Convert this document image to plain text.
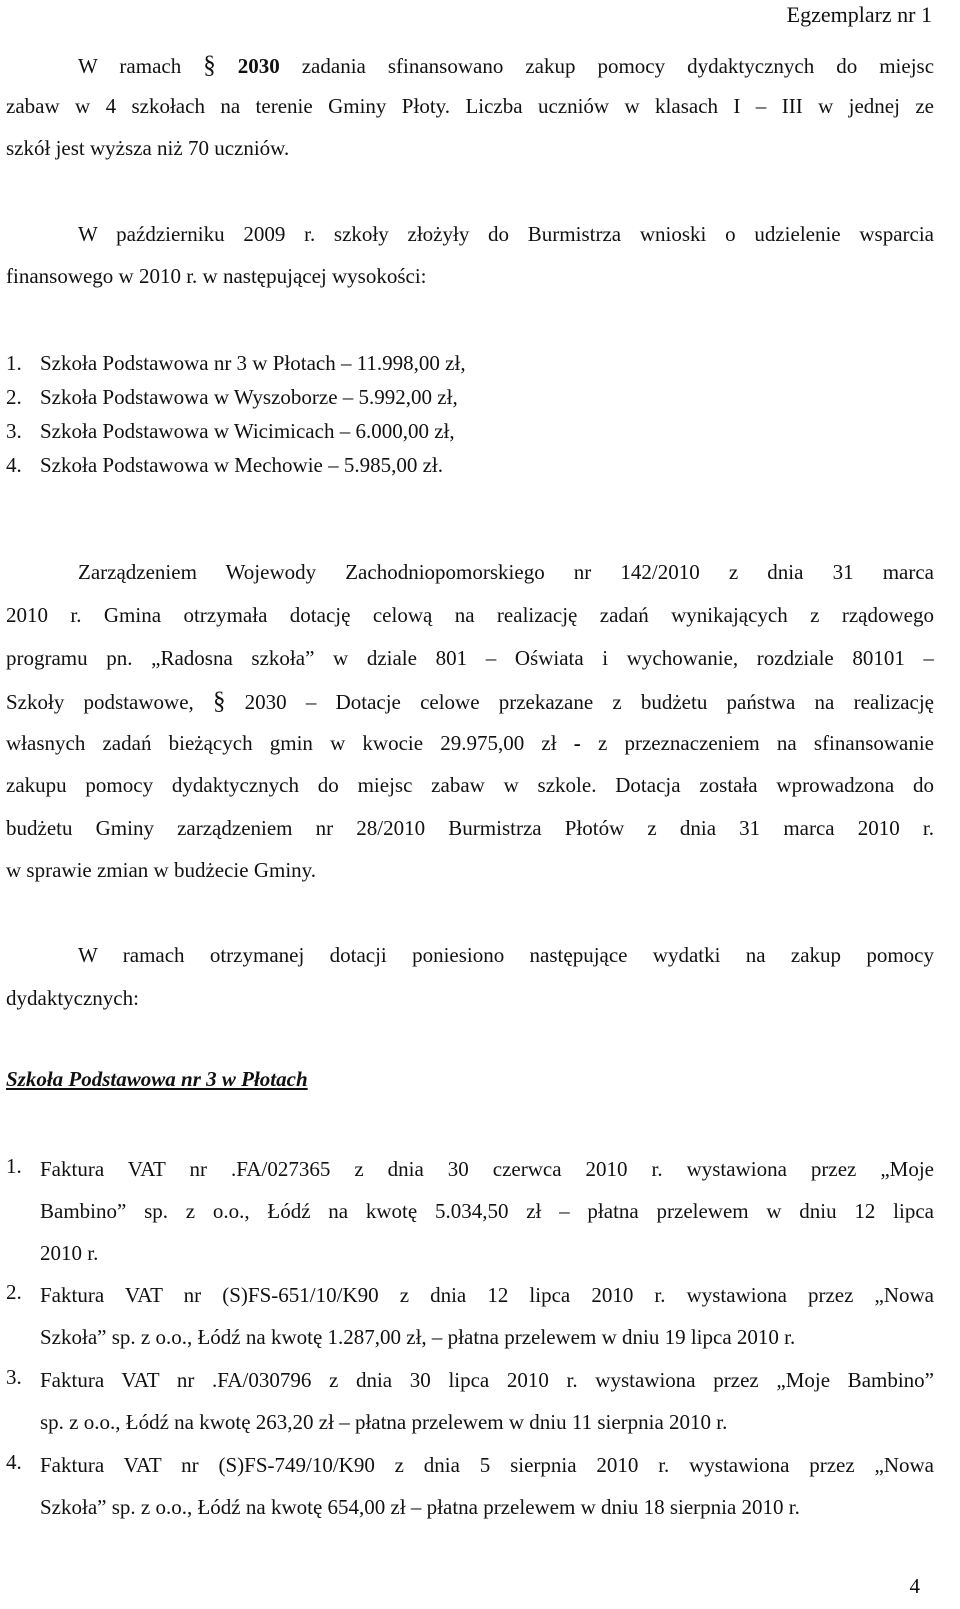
Egzemplarz nr 1
W ramach § 2030 zadania sfinansowano zakup pomocy dydaktycznych do miejsc
zabaw w 4 szkołach na terenie Gminy Płoty. Liczba uczniów w klasach I – III w jednej ze
szkół jest wyższa niż 70 uczniów.
W październiku 2009 r. szkoły złożyły do Burmistrza wnioski o udzielenie wsparcia
finansowego w 2010 r. w następującej wysokości:
1. Szkoła Podstawowa nr 3 w Płotach – 11.998,00 zł,
2. Szkoła Podstawowa w Wyszoborze – 5.992,00 zł,
3. Szkoła Podstawowa w Wicimicach – 6.000,00 zł,
4. Szkoła Podstawowa w Mechowie – 5.985,00 zł.
Zarządzeniem Wojewody Zachodniopomorskiego nr 142/2010 z dnia 31 marca
2010 r. Gmina otrzymała dotację celową na realizację zadań wynikających z rządowego
programu pn. „Radosna szkoła” w dziale 801 – Oświata i wychowanie, rozdziale 80101 –
Szkoły podstawowe, § 2030 – Dotacje celowe przekazane z budżetu państwa na realizację
własnych zadań bieżących gmin w kwocie 29.975,00 zł - z przeznaczeniem na sfinansowanie
zakupu pomocy dydaktycznych do miejsc zabaw w szkole. Dotacja została wprowadzona do
budżetu Gminy zarządzeniem nr 28/2010 Burmistrza Płotów z dnia 31 marca 2010 r.
w sprawie zmian w budżecie Gminy.
W ramach otrzymanej dotacji poniesiono następujące wydatki na zakup pomocy
dydaktycznych:
Szkoła Podstawowa nr 3 w Płotach
1. Faktura VAT nr .FA/027365 z dnia 30 czerwca 2010 r. wystawiona przez „Moje
Bambino” sp. z o.o., Łódź na kwotę 5.034,50 zł – płatna przelewem w dniu 12 lipca
2010 r.
2. Faktura VAT nr (S)FS-651/10/K90 z dnia 12 lipca 2010 r. wystawiona przez „Nowa
Szkoła” sp. z o.o., Łódź na kwotę 1.287,00 zł, – płatna przelewem w dniu 19 lipca 2010 r.
3. Faktura VAT nr .FA/030796 z dnia 30 lipca 2010 r. wystawiona przez „Moje Bambino”
sp. z o.o., Łódź na kwotę 263,20 zł – płatna przelewem w dniu 11 sierpnia 2010 r.
4. Faktura VAT nr (S)FS-749/10/K90 z dnia 5 sierpnia 2010 r. wystawiona przez „Nowa
Szkoła” sp. z o.o., Łódź na kwotę 654,00 zł – płatna przelewem w dniu 18 sierpnia 2010 r.
4
